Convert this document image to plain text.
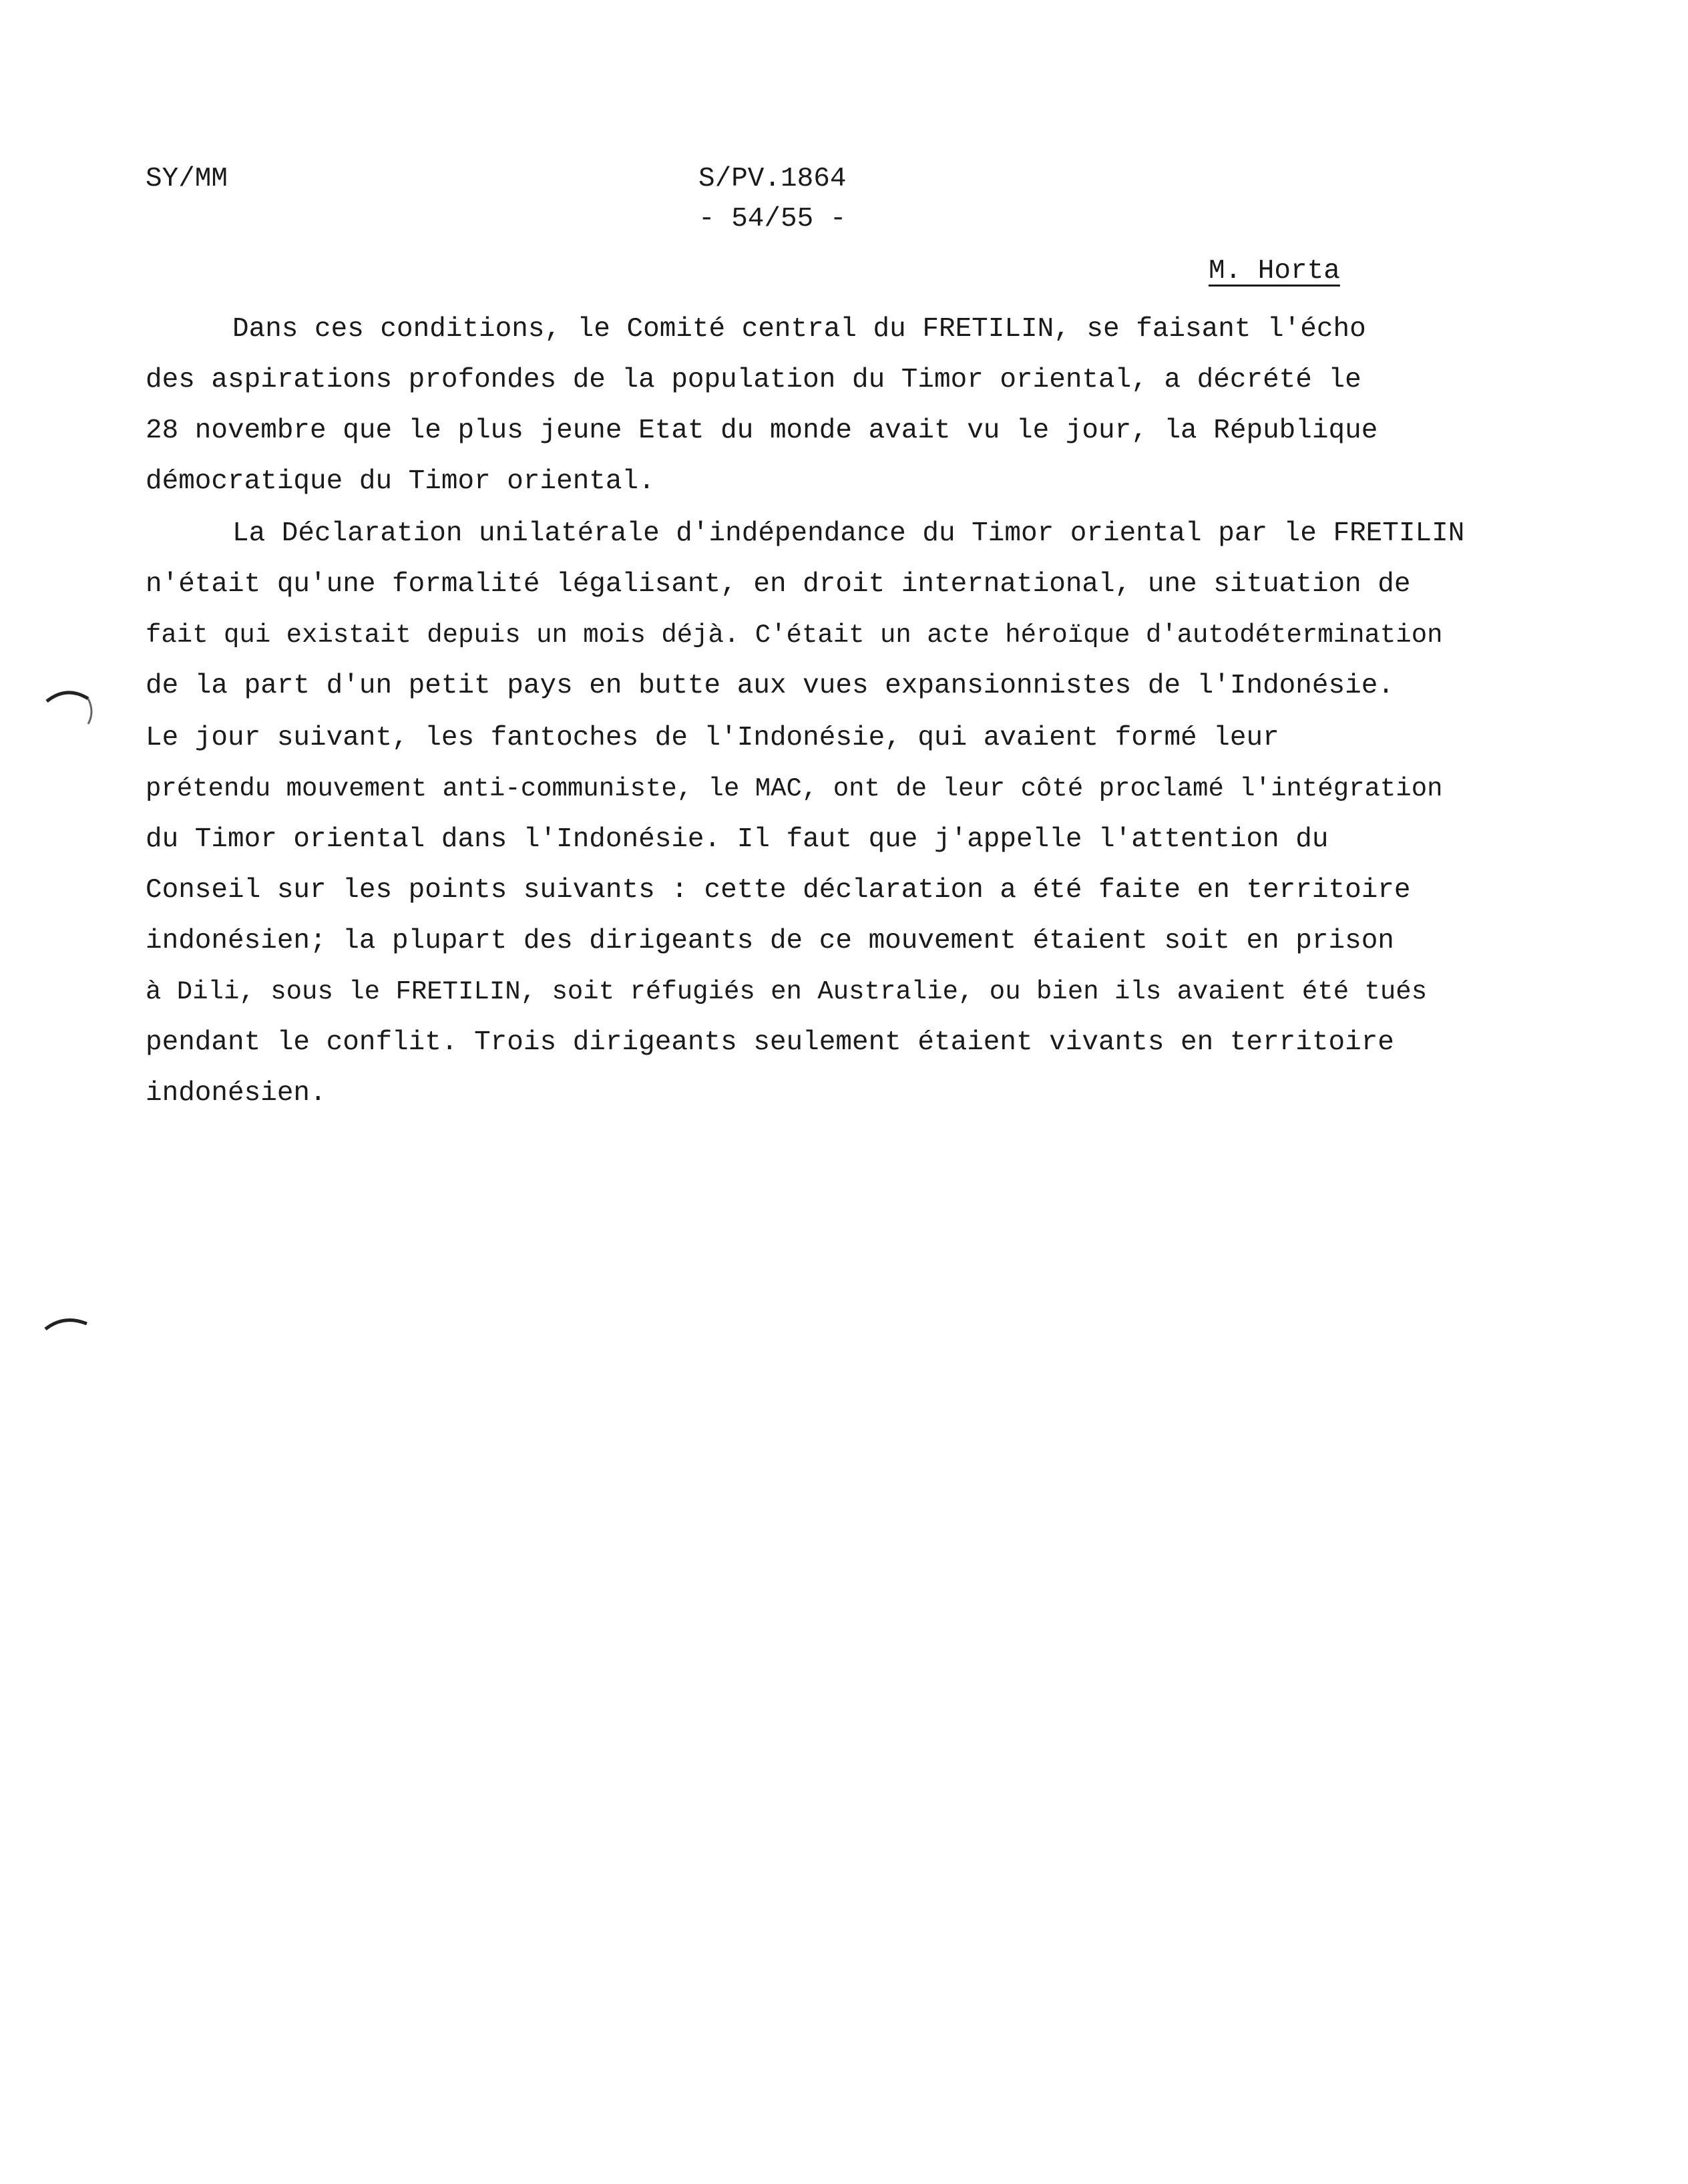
SY/MM	S/PV.1864
- 54/55 -
M. Horta
Dans ces conditions, le Comité central du FRETILIN, se faisant l'écho
des aspirations profondes de la population du Timor oriental, a décrété le
28 novembre que le plus jeune Etat du monde avait vu le jour, la République
démocratique du Timor oriental.
La Déclaration unilatérale d'indépendance du Timor oriental par le FRETILIN
n'était qu'une formalité légalisant, en droit international, une situation de
fait qui existait depuis un mois déjà. C'était un acte héroïque d'autodétermination
de la part d'un petit pays en butte aux vues expansionnistes de l'Indonésie.
Le jour suivant, les fantoches de l'Indonésie, qui avaient formé leur
prétendu mouvement anti-communiste, le MAC, ont de leur côté proclamé l'intégration
du Timor oriental dans l'Indonésie. Il faut que j'appelle l'attention du
Conseil sur les points suivants : cette déclaration a été faite en territoire
indonésien; la plupart des dirigeants de ce mouvement étaient soit en prison
à Dili, sous le FRETILIN, soit réfugiés en Australie, ou bien ils avaient été tués
pendant le conflit. Trois dirigeants seulement étaient vivants en territoire
indonésien.
